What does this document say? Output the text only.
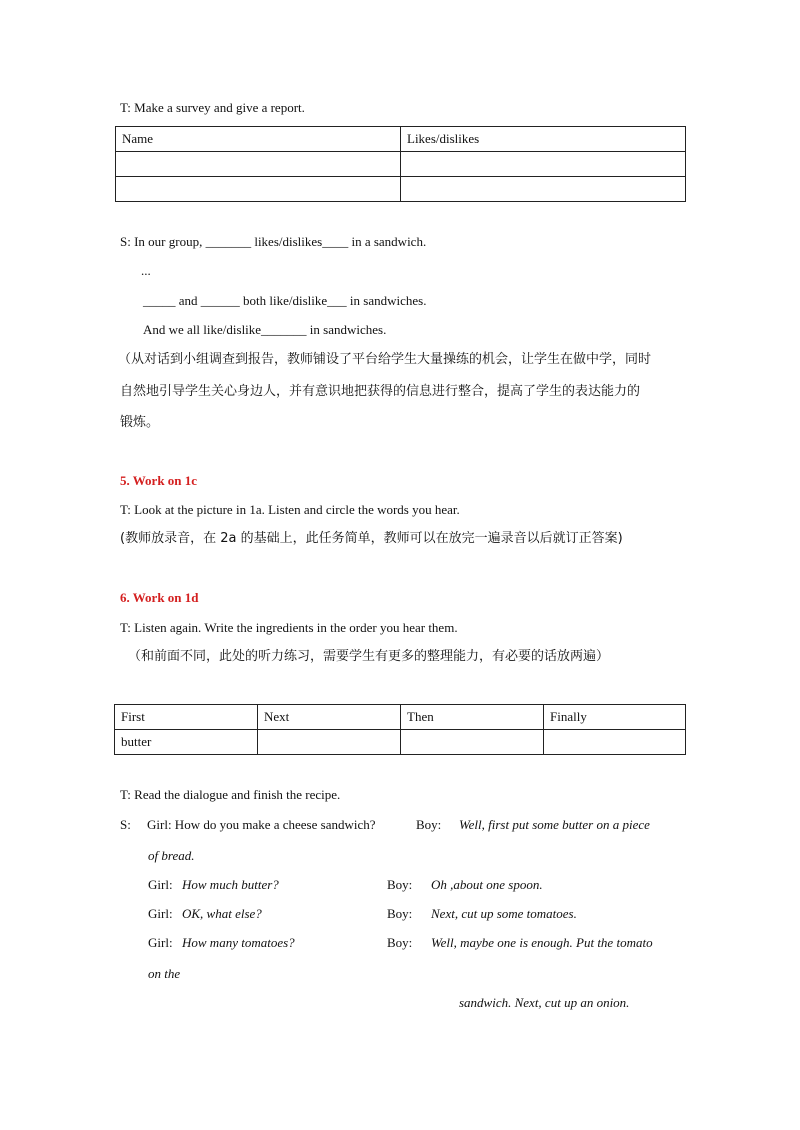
T: Make a survey and give a report.
Name	Likes/dislikes

S: In our group, _______ likes/dislikes____ in a sandwich.
...
_____ and ______ both like/dislike___ in sandwiches.
And we all like/dislike_______ in sandwiches.
（从对话到小组调查到报告，教师铺设了平台给学生大量操练的机会，让学生在做中学，同时
自然地引导学生关心身边人，并有意识地把获得的信息进行整合，提高了学生的表达能力的
锻炼。
5. Work on 1c
T: Look at the picture in 1a. Listen and circle the words you hear.
(教师放录音，在 2a 的基础上，此任务简单，教师可以在放完一遍录音以后就订正答案)
6. Work on 1d
T: Listen again. Write the ingredients in the order you hear them.
（和前面不同，此处的听力练习，需要学生有更多的整理能力，有必要的话放两遍）
First	Next	Then	Finally
butter			
T: Read the dialogue and finish the recipe.
S: Girl: How do you make a cheese sandwich?	Boy: Well, first put some butter on a piece
of bread.
Girl: How much butter?	Boy: Oh ,about one spoon.
Girl: OK, what else?	Boy: Next, cut up some tomatoes.
Girl: How many tomatoes?	Boy: Well, maybe one is enough. Put the tomato
on the
sandwich. Next, cut up an onion.
